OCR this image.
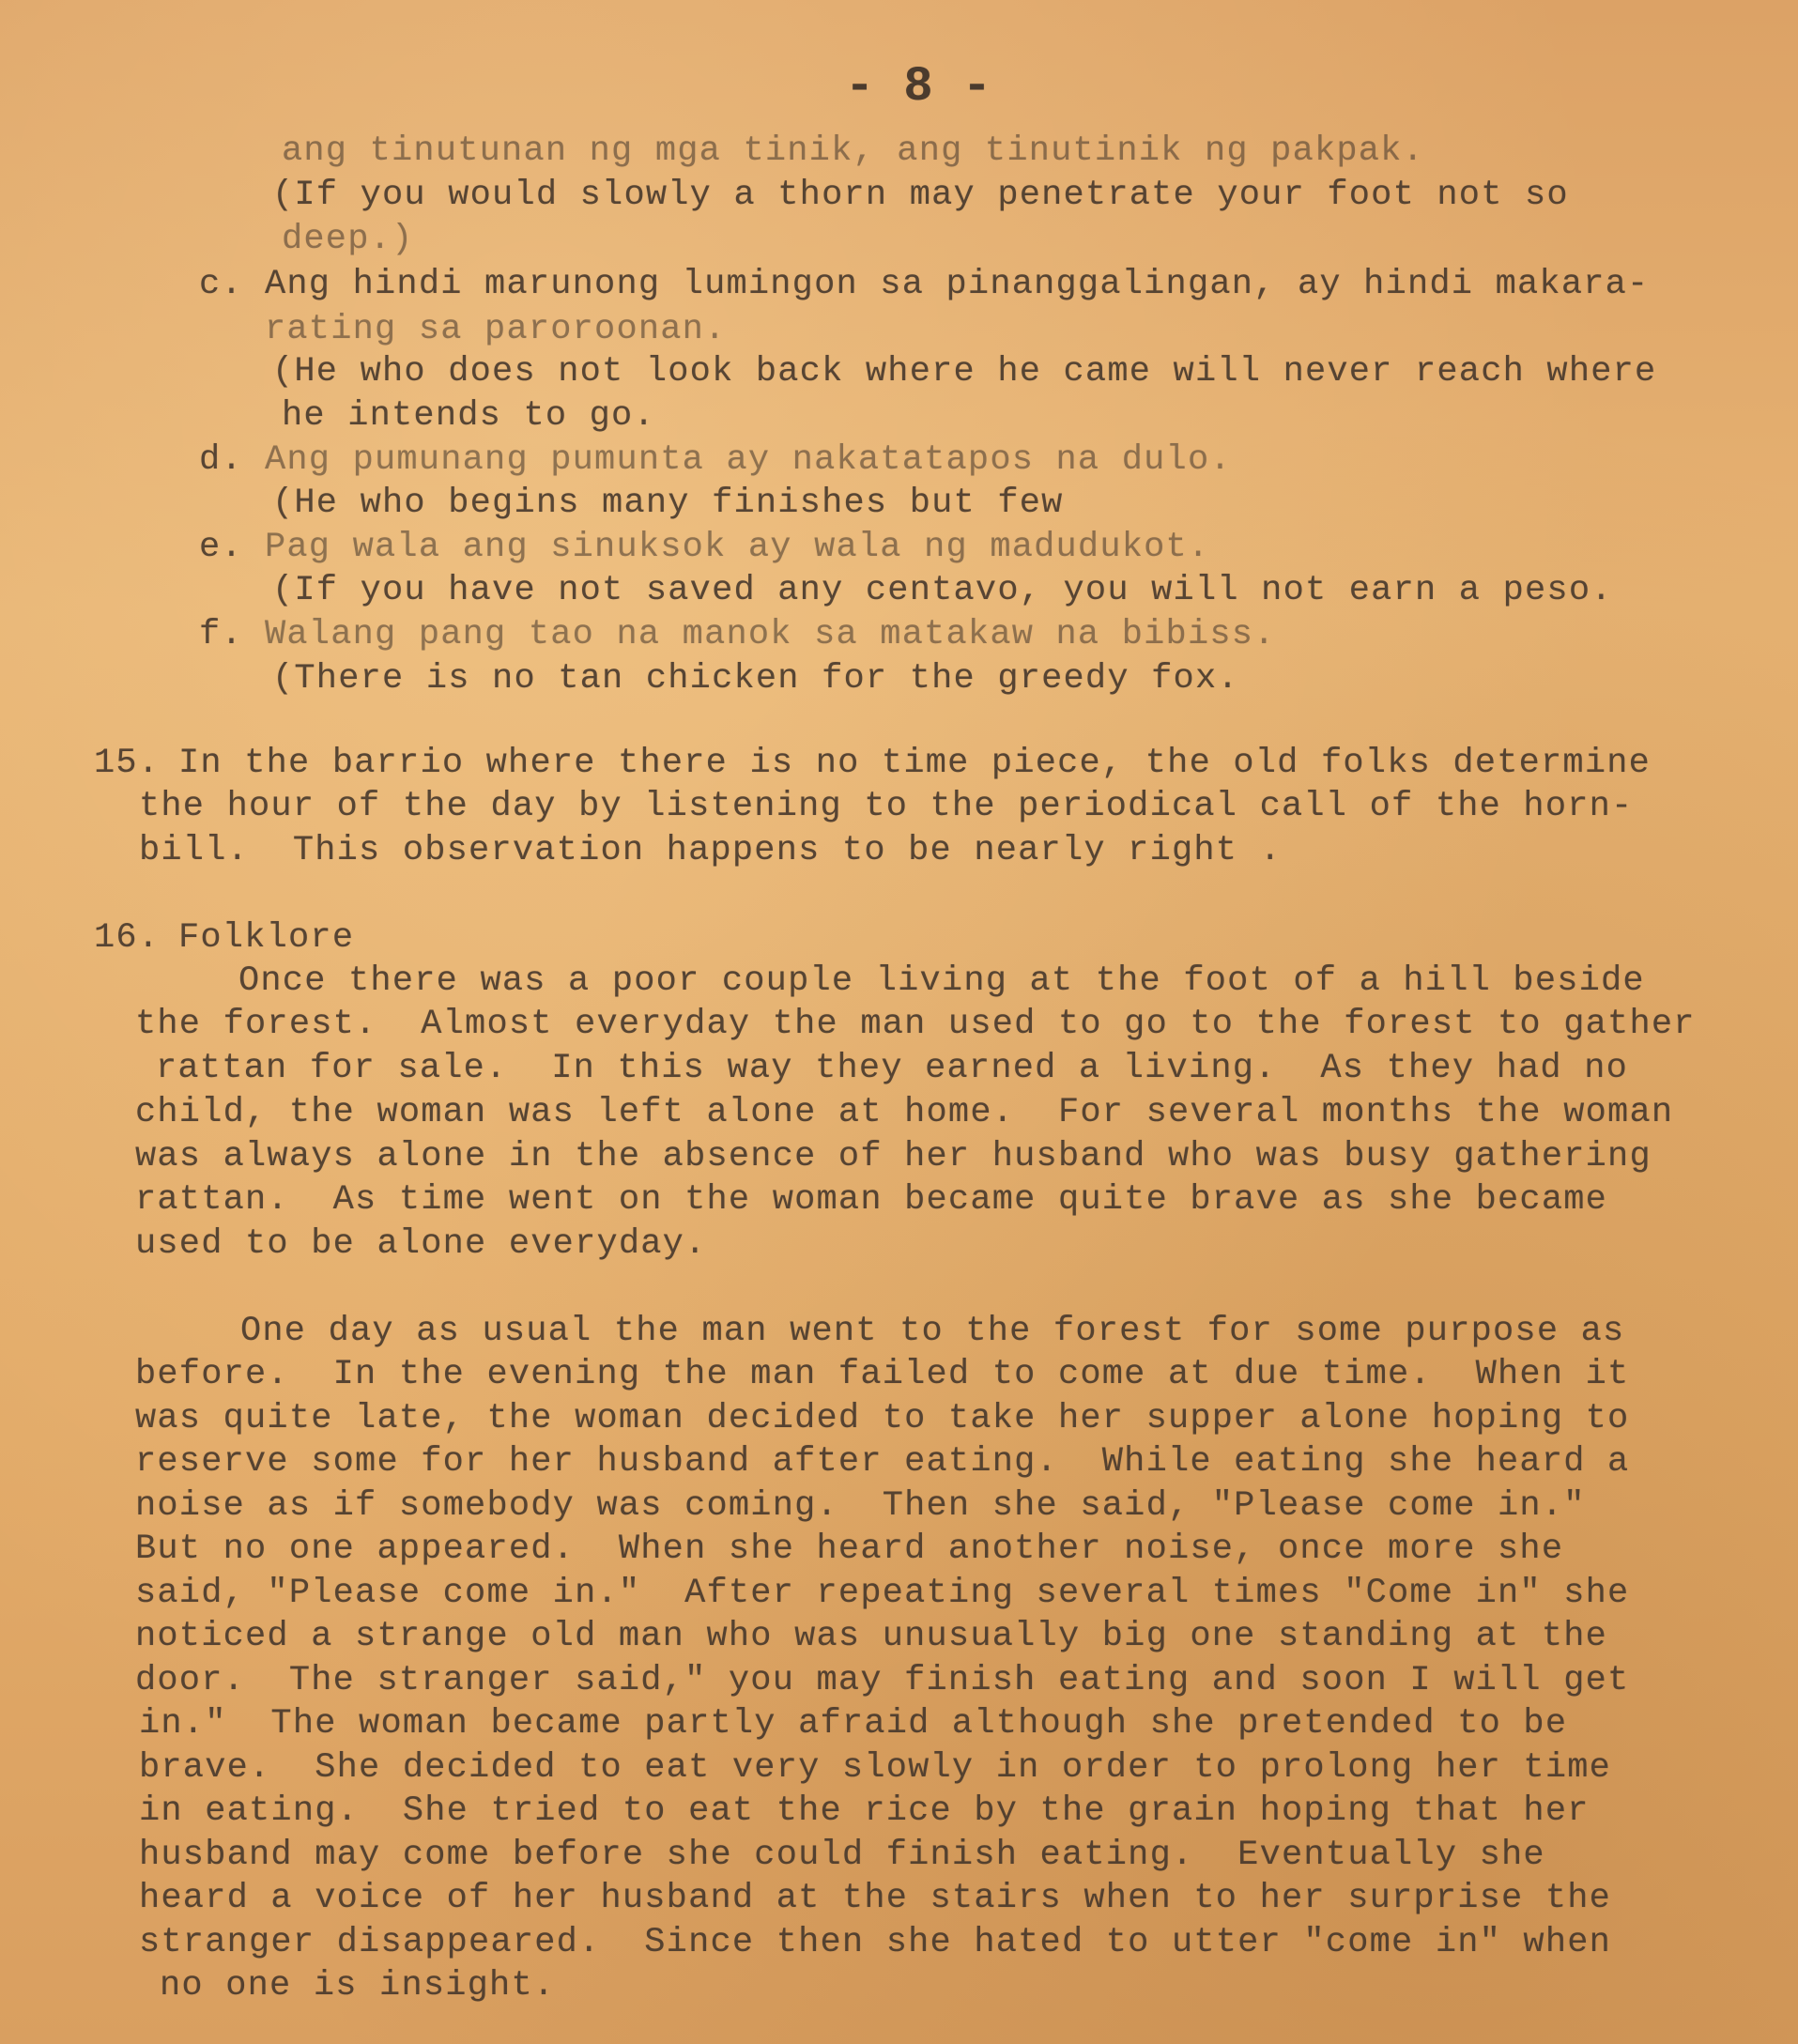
- 8 -
ang tinutunan ng mga tinik, ang tinutinik ng pakpak.
(If you would slowly a thorn may penetrate your foot not so
deep.)
c. Ang hindi marunong lumingon sa pinanggalingan, ay hindi makara-
rating sa paroroonan.
(He who does not look back where he came will never reach where
he intends to go.
d. Ang pumunang pumunta ay nakatatapos na dulo.
(He who begins many finishes but few
e. Pag wala ang sinuksok ay wala ng madudukot.
(If you have not saved any centavo, you will not earn a peso.
f. Walang pang tao na manok sa matakaw na bibiss.
(There is no tan chicken for the greedy fox.
15. In the barrio where there is no time piece, the old folks determine
the hour of the day by listening to the periodical call of the horn-
bill.  This observation happens to be nearly right .
16. Folklore
Once there was a poor couple living at the foot of a hill beside
the forest.  Almost everyday the man used to go to the forest to gather
rattan for sale.  In this way they earned a living.  As they had no
child, the woman was left alone at home.  For several months the woman
was always alone in the absence of her husband who was busy gathering
rattan.  As time went on the woman became quite brave as she became
used to be alone everyday.
One day as usual the man went to the forest for some purpose as
before.  In the evening the man failed to come at due time.  When it
was quite late, the woman decided to take her supper alone hoping to
reserve some for her husband after eating.  While eating she heard a
noise as if somebody was coming.  Then she said, "Please come in."
But no one appeared.  When she heard another noise, once more she
said, "Please come in."  After repeating several times "Come in" she
noticed a strange old man who was unusually big one standing at the
door.  The stranger said," you may finish eating and soon I will get
in."  The woman became partly afraid although she pretended to be
brave.  She decided to eat very slowly in order to prolong her time
in eating.  She tried to eat the rice by the grain hoping that her
husband may come before she could finish eating.  Eventually she
heard a voice of her husband at the stairs when to her surprise the
stranger disappeared.  Since then she hated to utter "come in" when
no one is insight.
